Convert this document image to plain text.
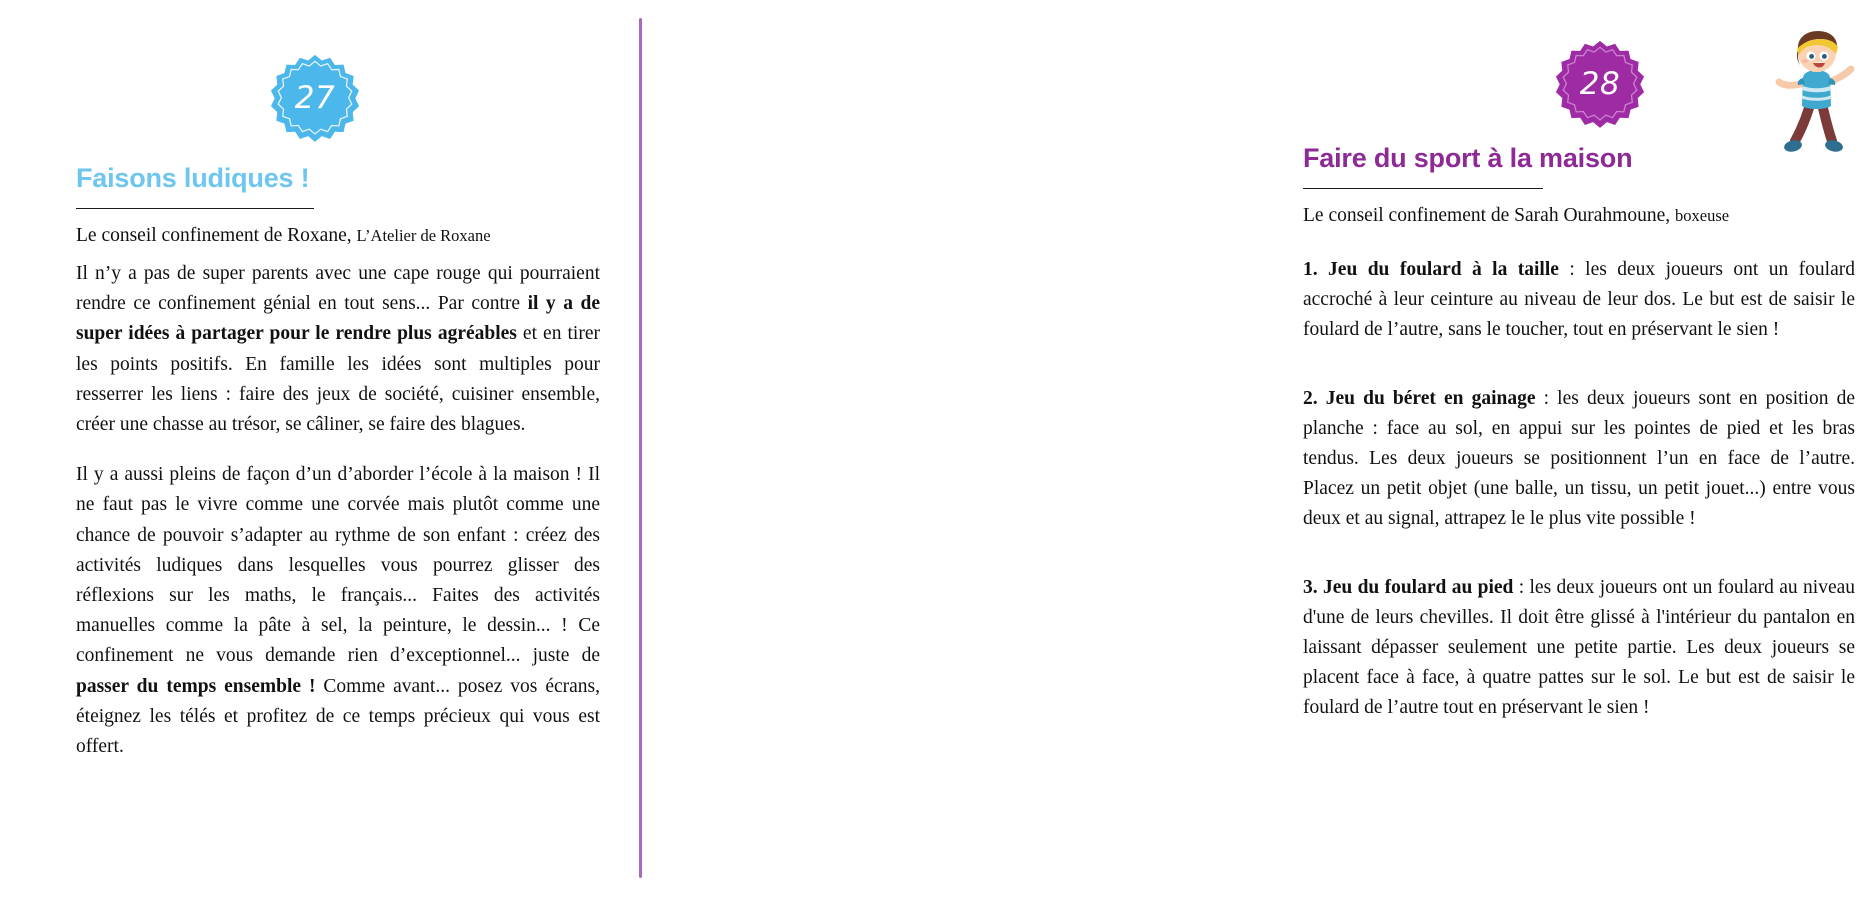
27
Faisons ludiques !

Le conseil confinement de Roxane, L’Atelier de Roxane

Il n’y a pas de super parents avec une cape rouge qui pourraient rendre ce confinement génial en tout sens... Par contre il y a de super idées à partager pour le rendre plus agréables et en tirer les points positifs. En famille les idées sont multiples pour resserrer les liens : faire des jeux de société, cuisiner ensemble, créer une chasse au trésor, se câliner, se faire des blagues.

Il y a aussi pleins de façon d’un d’aborder l’école à la maison ! Il ne faut pas le vivre comme une corvée mais plutôt comme une chance de pouvoir s’adapter au rythme de son enfant : créez des activités ludiques dans lesquelles vous pourrez glisser des réflexions sur les maths, le français... Faites des activités manuelles comme la pâte à sel, la peinture, le dessin... ! Ce confinement ne vous demande rien d’exceptionnel... juste de passer du temps ensemble ! Comme avant... posez vos écrans, éteignez les télés et profitez de ce temps précieux qui vous est offert.

28
Faire du sport à la maison

Le conseil confinement de Sarah Ourahmoune, boxeuse

1. Jeu du foulard à la taille : les deux joueurs ont un foulard accroché à leur ceinture au niveau de leur dos. Le but est de saisir le foulard de l’autre, sans le toucher, tout en préservant le sien !

2. Jeu du béret en gainage : les deux joueurs sont en position de planche : face au sol, en appui sur les pointes de pied et les bras tendus. Les deux joueurs se positionnent l’un en face de l’autre. Placez un petit objet (une balle, un tissu, un petit jouet...) entre vous deux et au signal, attrapez le le plus vite possible !

3. Jeu du foulard au pied : les deux joueurs ont un foulard au niveau d'une de leurs chevilles. Il doit être glissé à l'intérieur du pantalon en laissant dépasser seulement une petite partie. Les deux joueurs se placent face à face, à quatre pattes sur le sol. Le but est de saisir le foulard de l’autre tout en préservant le sien !
